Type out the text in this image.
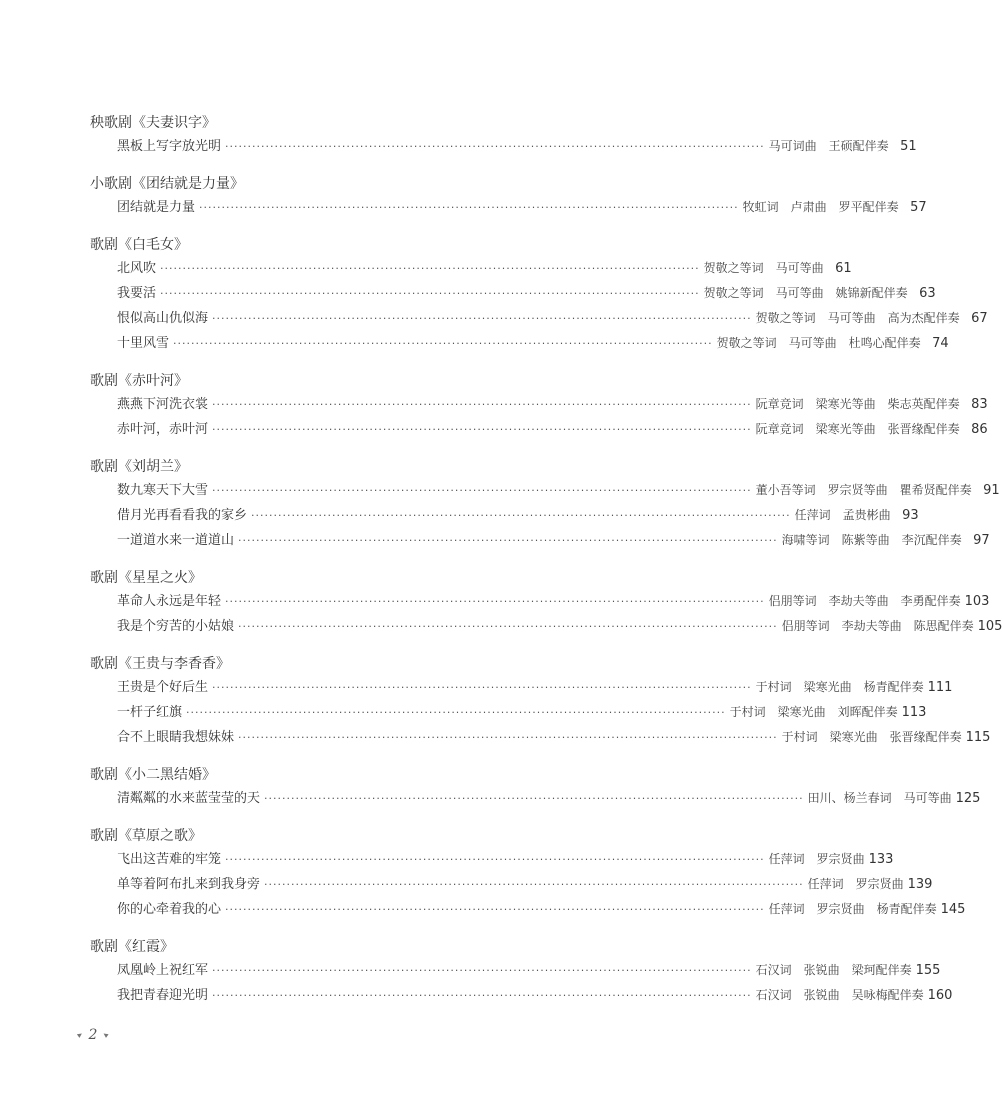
秧歌剧《夫妻识字》
黑板上写字放光明 ························································································································ 马可词曲　王硕配伴奏 51
小歌剧《团结就是力量》
团结就是力量 ························································································································ 牧虹词　卢肃曲　罗平配伴奏 57
歌剧《白毛女》
北风吹 ························································································································ 贺敬之等词　马可等曲 61
我要活 ························································································································ 贺敬之等词　马可等曲　姚锦新配伴奏 63
恨似高山仇似海 ························································································································ 贺敬之等词　马可等曲　高为杰配伴奏 67
十里风雪 ························································································································ 贺敬之等词　马可等曲　杜鸣心配伴奏 74
歌剧《赤叶河》
燕燕下河洗衣裳 ························································································································ 阮章竞词　梁寒光等曲　柴志英配伴奏 83
赤叶河，赤叶河 ························································································································ 阮章竞词　梁寒光等曲　张晋缘配伴奏 86
歌剧《刘胡兰》
数九寒天下大雪 ························································································································ 董小吾等词　罗宗贤等曲　瞿希贤配伴奏 91
借月光再看看我的家乡 ························································································································ 任萍词　孟贵彬曲 93
一道道水来一道道山 ························································································································ 海啸等词　陈紫等曲　李沉配伴奏 97
歌剧《星星之火》
革命人永远是年轻 ························································································································ 侣朋等词　李劫夫等曲　李勇配伴奏 103
我是个穷苦的小姑娘 ························································································································ 侣朋等词　李劫夫等曲　陈思配伴奏 105
歌剧《王贵与李香香》
王贵是个好后生 ························································································································ 于村词　梁寒光曲　杨青配伴奏 111
一杆子红旗 ························································································································ 于村词　梁寒光曲　刘晖配伴奏 113
合不上眼睛我想妹妹 ························································································································ 于村词　梁寒光曲　张晋缘配伴奏 115
歌剧《小二黑结婚》
清粼粼的水来蓝莹莹的天 ························································································································ 田川、杨兰春词　马可等曲 125
歌剧《草原之歌》
飞出这苦难的牢笼 ························································································································ 任萍词　罗宗贤曲 133
单等着阿布扎来到我身旁 ························································································································ 任萍词　罗宗贤曲 139
你的心牵着我的心 ························································································································ 任萍词　罗宗贤曲　杨青配伴奏 145
歌剧《红霞》
凤凰岭上祝红军 ························································································································ 石汉词　张锐曲　梁珂配伴奏 155
我把青春迎光明 ························································································································ 石汉词　张锐曲　吴咏梅配伴奏 160
▸ 2 ◂
